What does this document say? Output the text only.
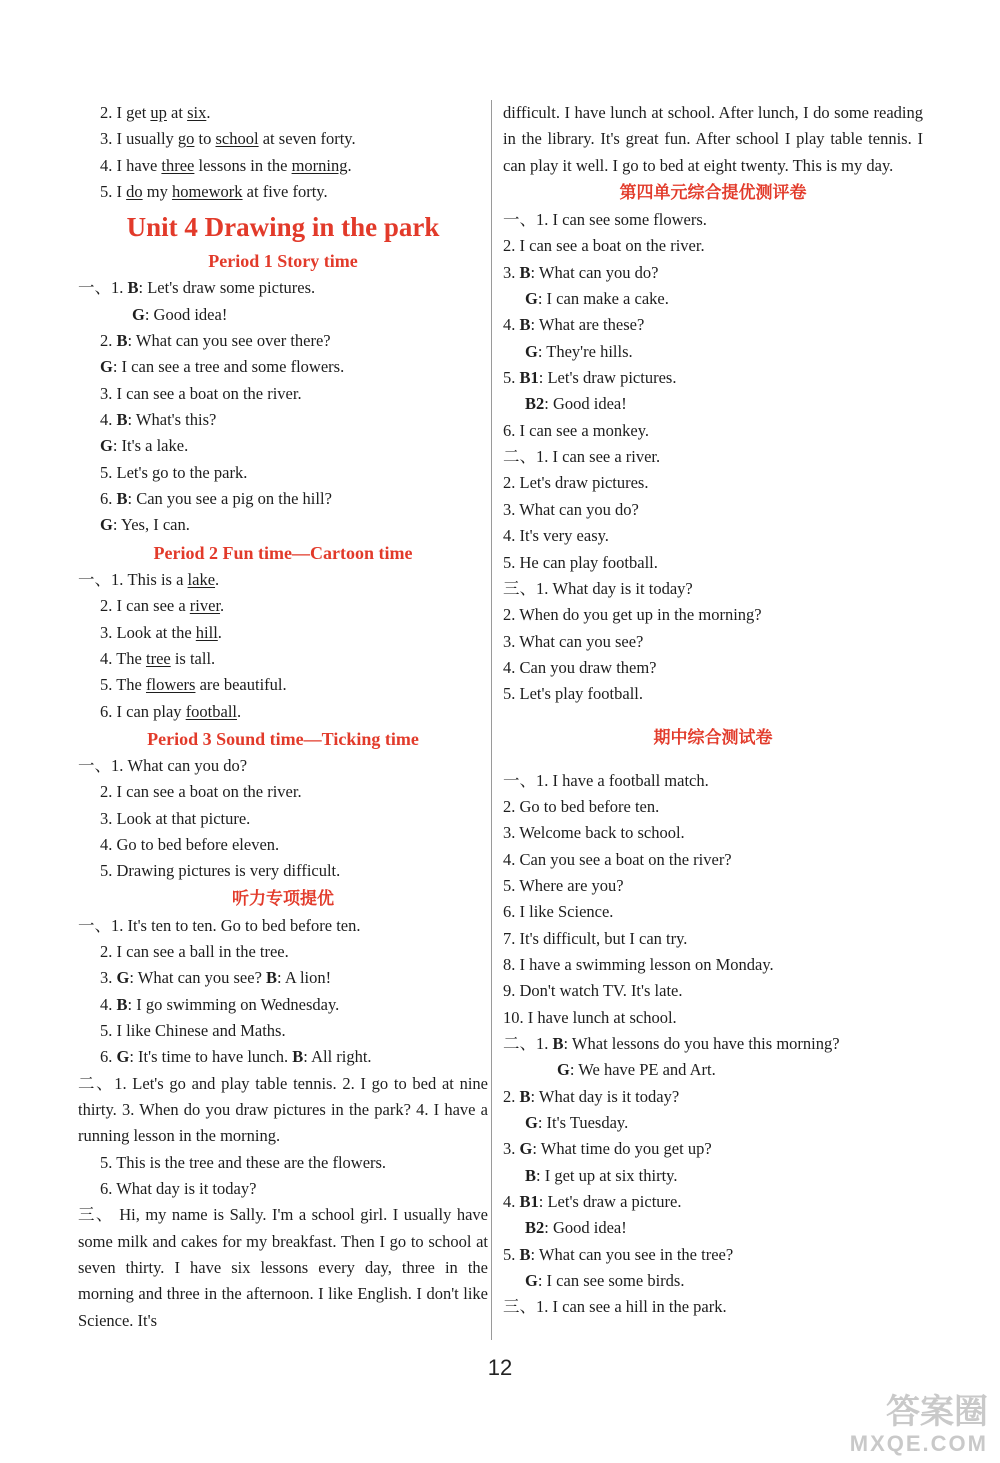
2. I get up at six.
3. I usually go to school at seven forty.
4. I have three lessons in the morning.
5. I do my homework at five forty.
Unit 4 Drawing in the park
Period 1 Story time
一、1. B: Let's draw some pictures.
G: Good idea!
2. B: What can you see over there?
G: I can see a tree and some flowers.
3. I can see a boat on the river.
4. B: What's this?
G: It's a lake.
5. Let's go to the park.
6. B: Can you see a pig on the hill?
G: Yes, I can.
Period 2 Fun time—Cartoon time
一、1. This is a lake.
2. I can see a river.
3. Look at the hill.
4. The tree is tall.
5. The flowers are beautiful.
6. I can play football.
Period 3 Sound time—Ticking time
一、1. What can you do?
2. I can see a boat on the river.
3. Look at that picture.
4. Go to bed before eleven.
5. Drawing pictures is very difficult.
听力专项提优
一、1. It's ten to ten. Go to bed before ten.
2. I can see a ball in the tree.
3. G: What can you see? B: A lion!
4. B: I go swimming on Wednesday.
5. I like Chinese and Maths.
6. G: It's time to have lunch. B: All right.
二、1. Let's go and play table tennis. 2. I go to bed at nine thirty. 3. When do you draw pictures in the park? 4. I have a running lesson in the morning.
5. This is the tree and these are the flowers.
6. What day is it today?
三、 Hi, my name is Sally. I'm a school girl. I usually have some milk and cakes for my breakfast. Then I go to school at seven thirty. I have six lessons every day, three in the morning and three in the afternoon. I like English. I don't like Science. It's
difficult. I have lunch at school. After lunch, I do some reading in the library. It's great fun. After school I play table tennis. I can play it well. I go to bed at eight twenty. This is my day.
第四单元综合提优测评卷
一、1. I can see some flowers.
2. I can see a boat on the river.
3. B: What can you do?
G: I can make a cake.
4. B: What are these?
G: They're hills.
5. B1: Let's draw pictures.
B2: Good idea!
6. I can see a monkey.
二、1. I can see a river.
2. Let's draw pictures.
3. What can you do?
4. It's very easy.
5. He can play football.
三、1. What day is it today?
2. When do you get up in the morning?
3. What can you see?
4. Can you draw them?
5. Let's play football.
期中综合测试卷
一、1. I have a football match.
2. Go to bed before ten.
3. Welcome back to school.
4. Can you see a boat on the river?
5. Where are you?
6. I like Science.
7. It's difficult, but I can try.
8. I have a swimming lesson on Monday.
9. Don't watch TV. It's late.
10. I have lunch at school.
二、1. B: What lessons do you have this morning?
G: We have PE and Art.
2. B: What day is it today?
G: It's Tuesday.
3. G: What time do you get up?
B: I get up at six thirty.
4. B1: Let's draw a picture.
B2: Good idea!
5. B: What can you see in the tree?
G: I can see some birds.
三、1. I can see a hill in the park.
12
答案圈
MXQE.COM
